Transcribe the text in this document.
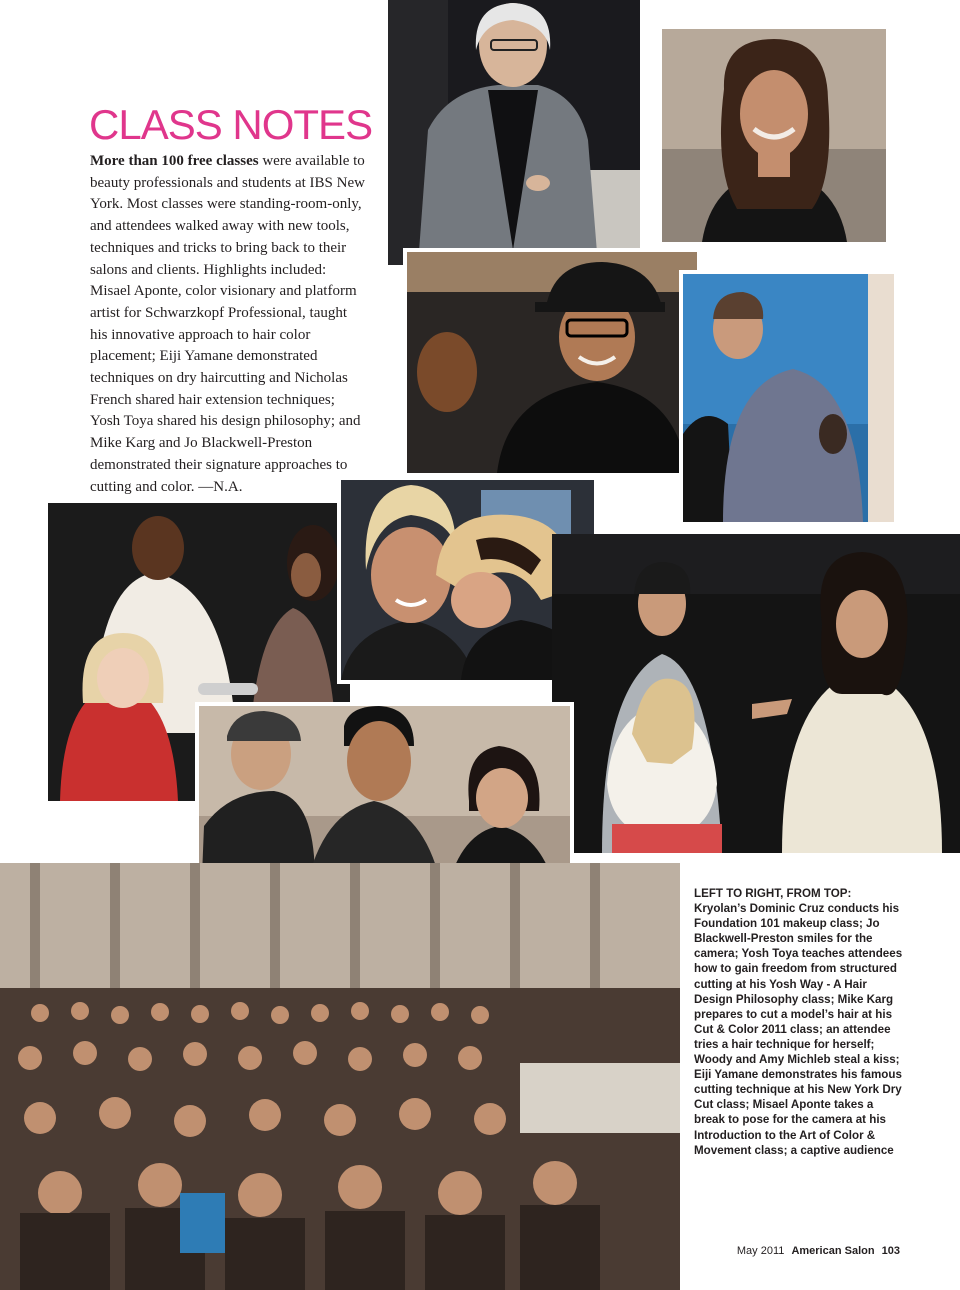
CLASS NOTES

More than 100 free classes were available to beauty professionals and students at IBS New York. Most classes were standing-room-only, and attendees walked away with new tools, techniques and tricks to bring back to their salons and clients. Highlights included: Misael Aponte, color visionary and platform artist for Schwarzkopf Professional, taught his innovative approach to hair color placement; Eiji Yamane demonstrated techniques on dry haircutting and Nicholas French shared hair extension techniques; Yosh Toya shared his design philosophy; and Mike Karg and Jo Blackwell-Preston demonstrated their signature approaches to cutting and color. —N.A.

LEFT TO RIGHT, FROM TOP:
Kryolan’s Dominic Cruz conducts his Foundation 101 makeup class; Jo Blackwell-Preston smiles for the camera; Yosh Toya teaches attendees how to gain freedom from structured cutting at his Yosh Way - A Hair Design Philosophy class; Mike Karg prepares to cut a model’s hair at his Cut & Color 2011 class; an attendee tries a hair technique for herself; Woody and Amy Michleb steal a kiss; Eiji Yamane demonstrates his famous cutting technique at his New York Dry Cut class; Misael Aponte takes a break to pose for the camera at his Introduction to the Art of Color & Movement class; a captive audience
May 2011 American Salon 103
